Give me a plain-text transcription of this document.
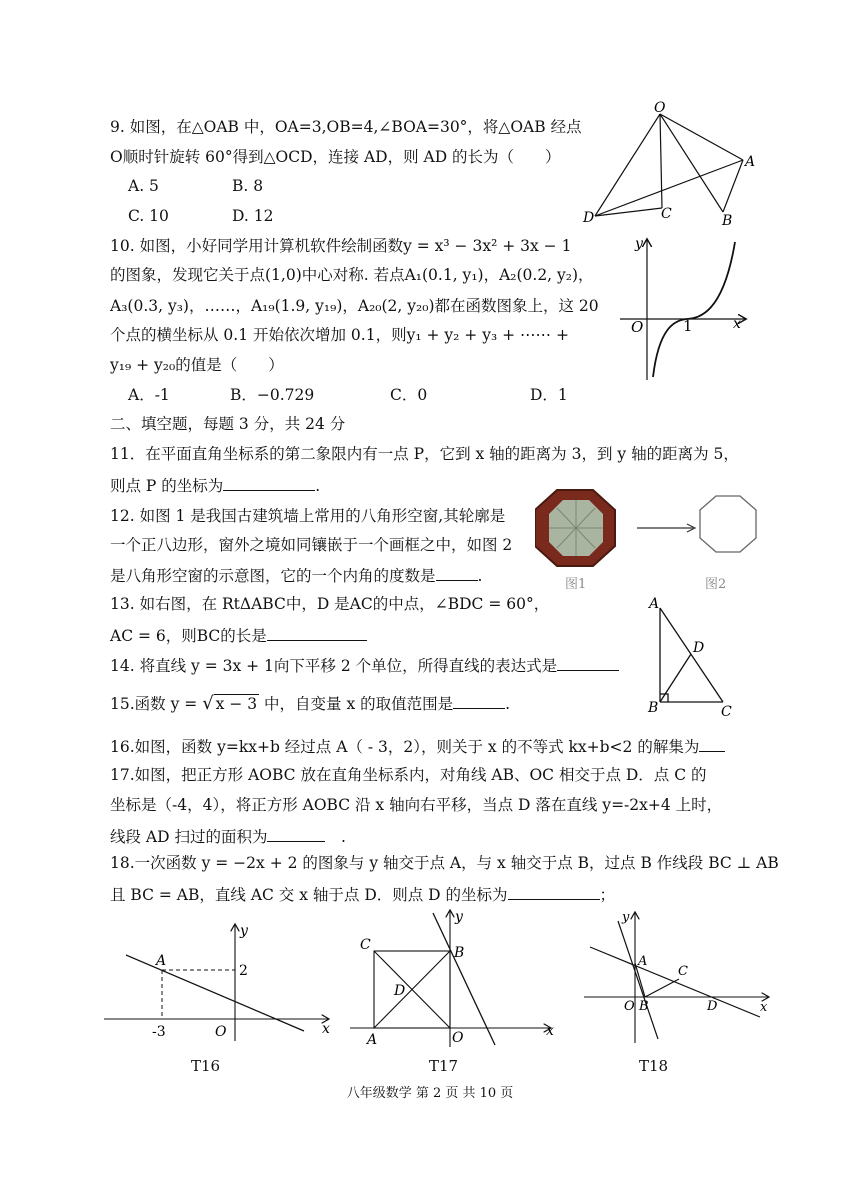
9. 如图，在△OAB 中，OA=3,OB=4,∠BOA=30°，将△OAB 经点
O顺时针旋转 60°得到△OCD，连接 AD，则 AD 的长为（　　）
A. 5	B. 8
C. 10	D. 12
O
A
B
C
D
10. 如图，小好同学用计算机软件绘制函数y = x³ − 3x² + 3x − 1
的图象，发现它关于点(1,0)中心对称. 若点A₁(0.1, y₁)，A₂(0.2, y₂)，
A₃(0.3, y₃)，……，A₁₉(1.9, y₁₉)，A₂₀(2, y₂₀)都在函数图象上，这 20
个点的横坐标从 0.1 开始依次增加 0.1，则y₁ + y₂ + y₃ + ⋯⋯ +
y₁₉ + y₂₀的值是（　　）
A．-1	B．−0.729	C．0	D．1
y
x
O	1
二、填空题，每题 3 分，共 24 分
11．在平面直角坐标系的第二象限内有一点 P，它到 x 轴的距离为 3，到 y 轴的距离为 5，
则点 P 的坐标为	.
12. 如图 1 是我国古建筑墙上常用的八角形空窗,其轮廓是
一个正八边形，窗外之境如同镶嵌于一个画框之中，如图 2
是八角形空窗的示意图，它的一个内角的度数是	.	图1	图2
13. 如右图，在 RtΔABC中，D 是AC的中点，∠BDC = 60°，
AC = 6，则BC的长是
A
B	C
D
14. 将直线 y = 3x + 1向下平移 2 个单位，所得直线的表达式是
15.函数 y = √ x − 3 中，自变量 x 的取值范围是	.
16.如图，函数 y=kx+b 经过点 A（ - 3，2），则关于 x 的不等式 kx+b<2 的解集为
17.如图，把正方形 AOBC 放在直角坐标系内，对角线 AB、OC 相交于点 D．点 C 的
坐标是（-4，4），将正方形 AOBC 沿 x 轴向右平移，当点 D 落在直线 y=-2x+4 上时，
线段 AD 扫过的面积为	　.
18.一次函数 y = −2x + 2 的图象与 y 轴交于点 A，与 x 轴交于点 B，过点 B 作线段 BC ⊥ AB
且 BC = AB，直线 AC 交 x 轴于点 D．则点 D 的坐标为	；
A
2
-3	O
y
x
T16
C	B
D
A	O
y
x
T17
A
C
O B	D
y
x
T18
八年级数学 第 2 页 共 10 页
